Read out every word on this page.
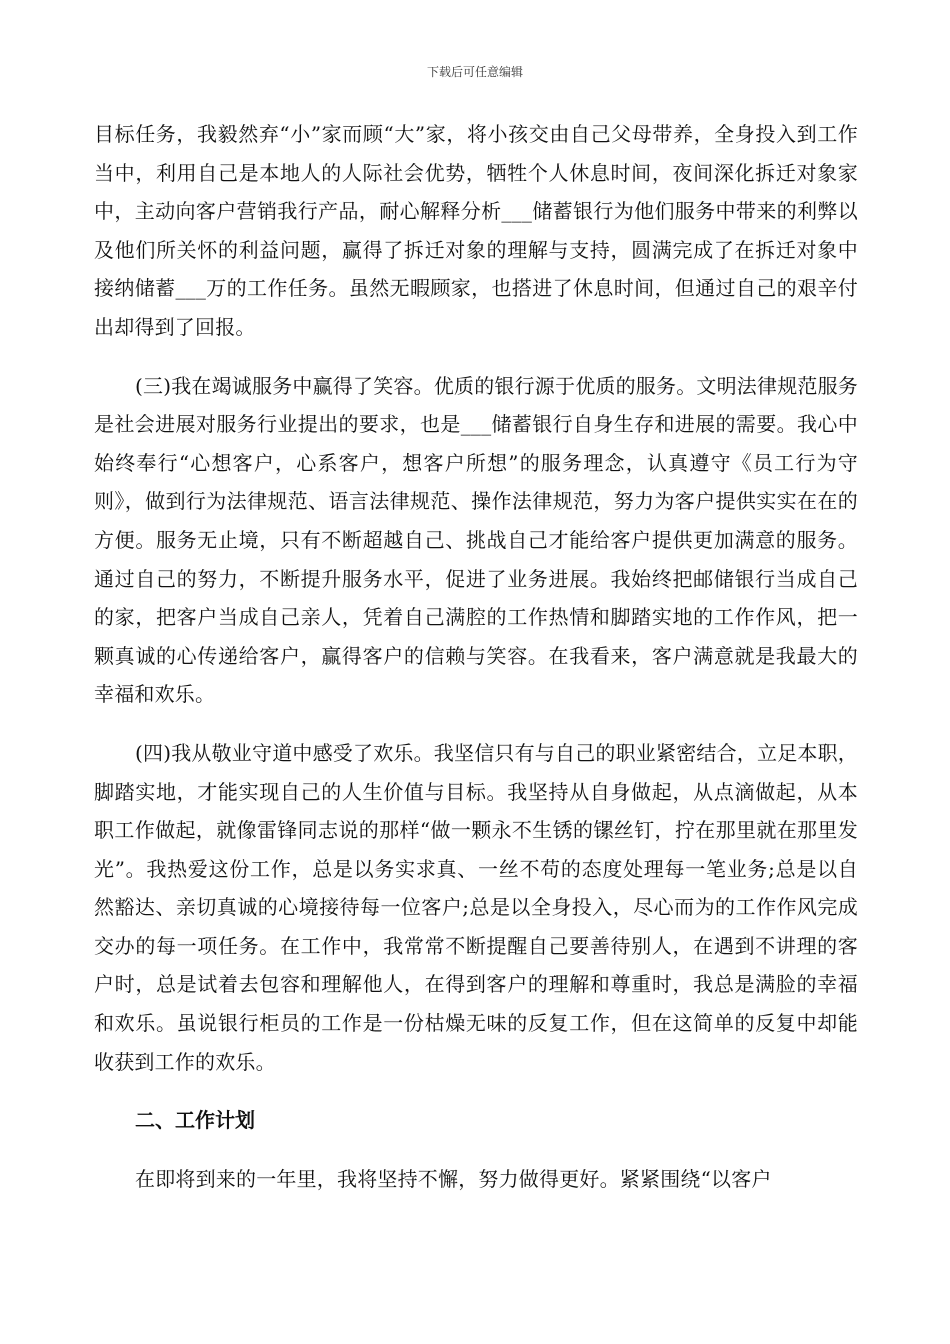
下载后可任意编辑

目标任务，我毅然弃“小”家而顾“大”家，将小孩交由自己父母带养，全身投入到工作当中，利用自己是本地人的人际社会优势，牺牲个人休息时间，夜间深化拆迁对象家中，主动向客户营销我行产品，耐心解释分析___储蓄银行为他们服务中带来的利弊以及他们所关怀的利益问题，赢得了拆迁对象的理解与支持，圆满完成了在拆迁对象中接纳储蓄___万的工作任务。虽然无暇顾家，也搭进了休息时间，但通过自己的艰辛付出却得到了回报。

(三)我在竭诚服务中赢得了笑容。优质的银行源于优质的服务。文明法律规范服务是社会进展对服务行业提出的要求，也是___储蓄银行自身生存和进展的需要。我心中始终奉行“心想客户，心系客户，想客户所想”的服务理念，认真遵守《员工行为守则》，做到行为法律规范、语言法律规范、操作法律规范，努力为客户提供实实在在的方便。服务无止境，只有不断超越自己、挑战自己才能给客户提供更加满意的服务。通过自己的努力，不断提升服务水平，促进了业务进展。我始终把邮储银行当成自己的家，把客户当成自己亲人，凭着自己满腔的工作热情和脚踏实地的工作作风，把一颗真诚的心传递给客户，赢得客户的信赖与笑容。在我看来，客户满意就是我最大的幸福和欢乐。

(四)我从敬业守道中感受了欢乐。我坚信只有与自己的职业紧密结合，立足本职，脚踏实地，才能实现自己的人生价值与目标。我坚持从自身做起，从点滴做起，从本职工作做起，就像雷锋同志说的那样“做一颗永不生锈的镙丝钉，拧在那里就在那里发光”。我热爱这份工作，总是以务实求真、一丝不苟的态度处理每一笔业务;总是以自然豁达、亲切真诚的心境接待每一位客户;总是以全身投入，尽心而为的工作作风完成交办的每一项任务。在工作中，我常常不断提醒自己要善待别人，在遇到不讲理的客户时，总是试着去包容和理解他人，在得到客户的理解和尊重时，我总是满脸的幸福和欢乐。虽说银行柜员的工作是一份枯燥无味的反复工作，但在这简单的反复中却能收获到工作的欢乐。

二、工作计划

在即将到来的一年里，我将坚持不懈，努力做得更好。紧紧围绕“以客户
